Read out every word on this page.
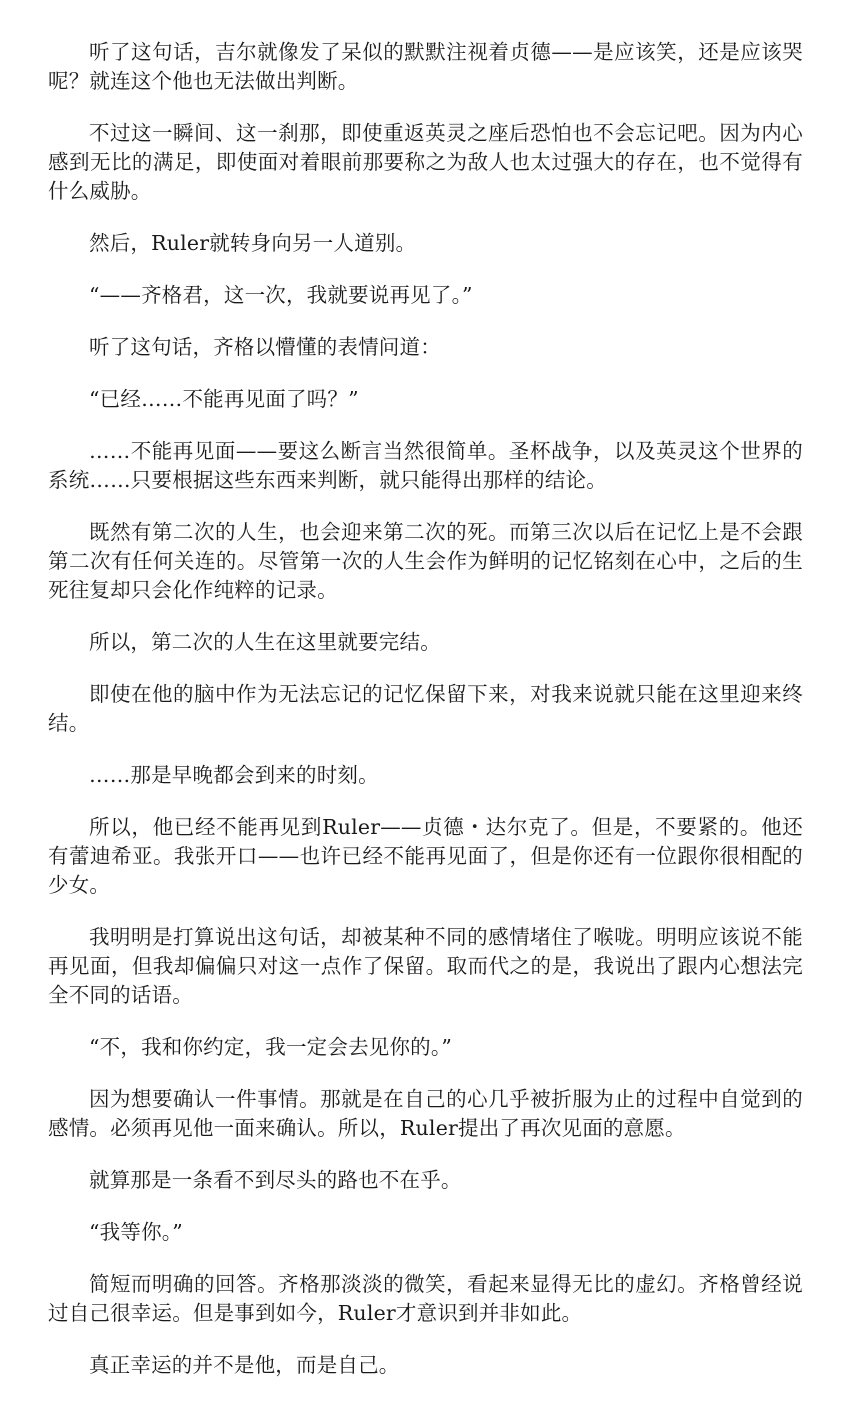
听了这句话，吉尔就像发了呆似的默默注视着贞德——是应该笑，还是应该哭呢？就连这个他也无法做出判断。

不过这一瞬间、这一刹那，即使重返英灵之座后恐怕也不会忘记吧。因为内心感到无比的满足，即使面对着眼前那要称之为敌人也太过强大的存在，也不觉得有什么威胁。

然后，Ruler就转身向另一人道别。

“——齐格君，这一次，我就要说再见了。”

听了这句话，齐格以懵懂的表情问道：

“已经……不能再见面了吗？”

……不能再见面——要这么断言当然很简单。圣杯战争，以及英灵这个世界的系统……只要根据这些东西来判断，就只能得出那样的结论。

既然有第二次的人生，也会迎来第二次的死。而第三次以后在记忆上是不会跟第二次有任何关连的。尽管第一次的人生会作为鲜明的记忆铭刻在心中，之后的生死往复却只会化作纯粹的记录。

所以，第二次的人生在这里就要完结。

即使在他的脑中作为无法忘记的记忆保留下来，对我来说就只能在这里迎来终结。

……那是早晚都会到来的时刻。

所以，他已经不能再见到Ruler——贞德・达尔克了。但是，不要紧的。他还有蕾迪希亚。我张开口——也许已经不能再见面了，但是你还有一位跟你很相配的少女。

我明明是打算说出这句话，却被某种不同的感情堵住了喉咙。明明应该说不能再见面，但我却偏偏只对这一点作了保留。取而代之的是，我说出了跟内心想法完全不同的话语。

“不，我和你约定，我一定会去见你的。”

因为想要确认一件事情。那就是在自己的心几乎被折服为止的过程中自觉到的感情。必须再见他一面来确认。所以，Ruler提出了再次见面的意愿。

就算那是一条看不到尽头的路也不在乎。

“我等你。”

简短而明确的回答。齐格那淡淡的微笑，看起来显得无比的虚幻。齐格曾经说过自己很幸运。但是事到如今，Ruler才意识到并非如此。

真正幸运的并不是他，而是自己。
